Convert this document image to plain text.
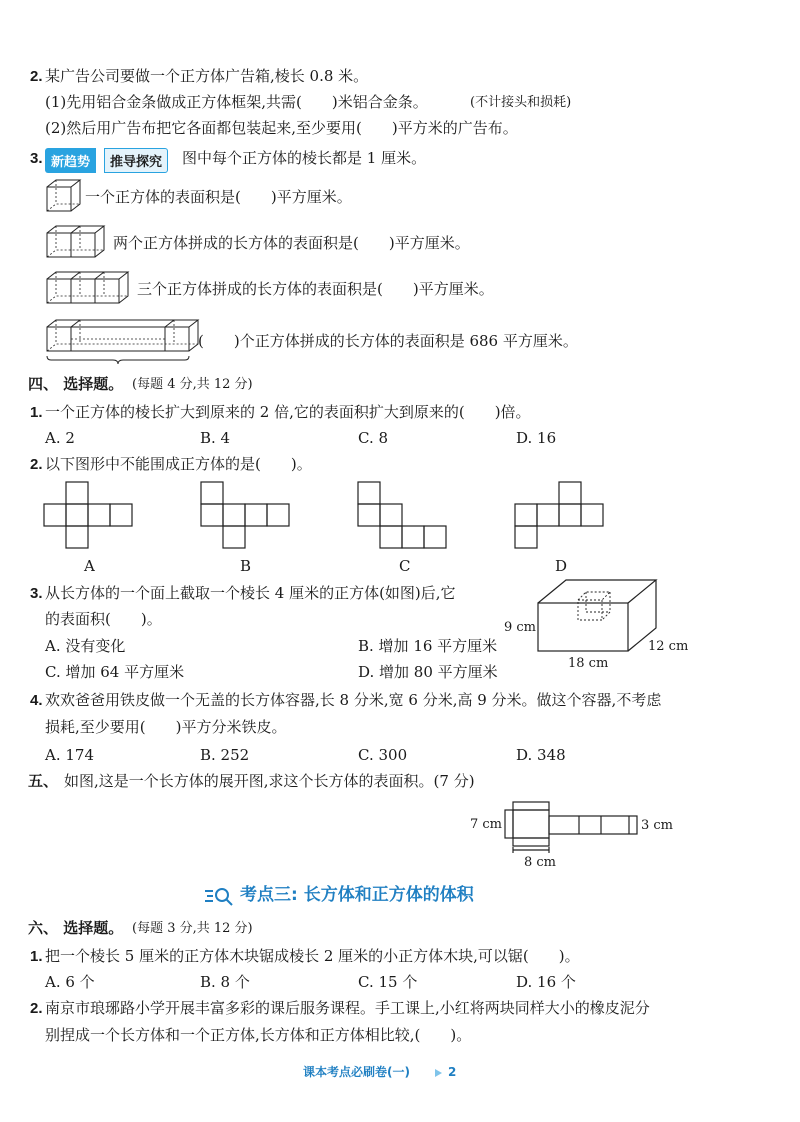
2. 某广告公司要做一个正方体广告箱,棱长 0.8 米。
(1)先用铝合金条做成正方体框架,共需(　　)米铝合金条。	(不计接头和损耗)
(2)然后用广告布把它各面都包装起来,至少要用(　　)平方米的广告布。
3. 新趋势	推导探究	图中每个正方体的棱长都是 1 厘米。
一个正方体的表面积是(　　)平方厘米。
两个正方体拼成的长方体的表面积是(　　)平方厘米。
三个正方体拼成的长方体的表面积是(　　)平方厘米。
(　　)个正方体拼成的长方体的表面积是 686 平方厘米。
四、 选择题。 (每题 4 分,共 12 分)
1. 一个正方体的棱长扩大到原来的 2 倍,它的表面积扩大到原来的(　　)倍。
A. 2	B. 4	C. 8	D. 16
2. 以下图形中不能围成正方体的是(　　)。
A	B	C	D
3. 从长方体的一个面上截取一个棱长 4 厘米的正方体(如图)后,它
的表面积(　　)。
A. 没有变化	B. 增加 16 平方厘米
C. 增加 64 平方厘米	D. 增加 80 平方厘米
9 cm
12 cm
18 cm
4. 欢欢爸爸用铁皮做一个无盖的长方体容器,长 8 分米,宽 6 分米,高 9 分米。做这个容器,不考虑
损耗,至少要用(　　)平方分米铁皮。
A. 174	B. 252	C. 300	D. 348
五、 如图,这是一个长方体的展开图,求这个长方体的表面积。(7 分)
7 cm
8 cm
3 cm
考点三: 长方体和正方体的体积
六、 选择题。 (每题 3 分,共 12 分)
1. 把一个棱长 5 厘米的正方体木块锯成棱长 2 厘米的小正方体木块,可以锯(　　)。
A. 6 个	B. 8 个	C. 15 个	D. 16 个
2. 南京市琅琊路小学开展丰富多彩的课后服务课程。手工课上,小红将两块同样大小的橡皮泥分
别捏成一个长方体和一个正方体,长方体和正方体相比较,(　　)。
课本考点必刷卷(一)	2
